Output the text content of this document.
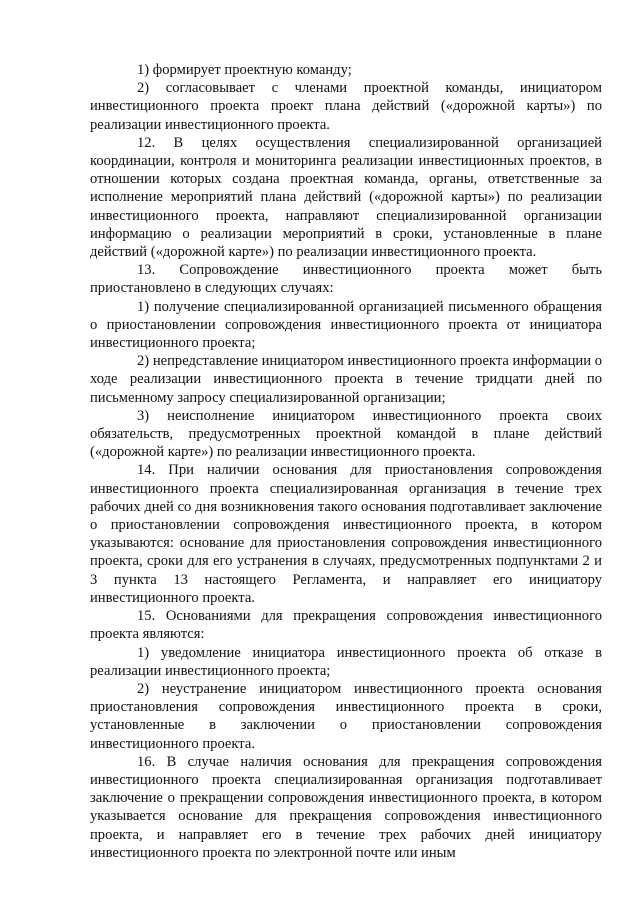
1) формирует проектную команду;

2) согласовывает с членами проектной команды, инициатором инвестиционного проекта проект плана действий («дорожной карты») по реализации инвестиционного проекта.

12. В целях осуществления специализированной организацией координации, контроля и мониторинга реализации инвестиционных проектов, в отношении которых создана проектная команда, органы, ответственные за исполнение мероприятий плана действий («дорожной карты») по реализации инвестиционного проекта, направляют специализированной организации информацию о реализации мероприятий в сроки, установленные в плане действий («дорожной карте») по реализации инвестиционного проекта.

13. Сопровождение инвестиционного проекта может быть приостановлено в следующих случаях:

1) получение специализированной организацией письменного обращения о приостановлении сопровождения инвестиционного проекта от инициатора инвестиционного проекта;

2) непредставление инициатором инвестиционного проекта информации о ходе реализации инвестиционного проекта в течение тридцати дней по письменному запросу специализированной организации;

3) неисполнение инициатором инвестиционного проекта своих обязательств, предусмотренных проектной командой в плане действий («дорожной карте») по реализации инвестиционного проекта.

14. При наличии основания для приостановления сопровождения инвестиционного проекта специализированная организация в течение трех рабочих дней со дня возникновения такого основания подготавливает заключение о приостановлении сопровождения инвестиционного проекта, в котором указываются: основание для приостановления сопровождения инвестиционного проекта, сроки для его устранения в случаях, предусмотренных подпунктами 2 и 3 пункта 13 настоящего Регламента, и направляет его инициатору инвестиционного проекта.

15. Основаниями для прекращения сопровождения инвестиционного проекта являются:

1) уведомление инициатора инвестиционного проекта об отказе в реализации инвестиционного проекта;

2) неустранение инициатором инвестиционного проекта основания приостановления сопровождения инвестиционного проекта в сроки, установленные в заключении о приостановлении сопровождения инвестиционного проекта.

16. В случае наличия основания для прекращения сопровождения инвестиционного проекта специализированная организация подготавливает заключение о прекращении сопровождения инвестиционного проекта, в котором указывается основание для прекращения сопровождения инвестиционного проекта, и направляет его в течение трех рабочих дней инициатору инвестиционного проекта по электронной почте или иным
